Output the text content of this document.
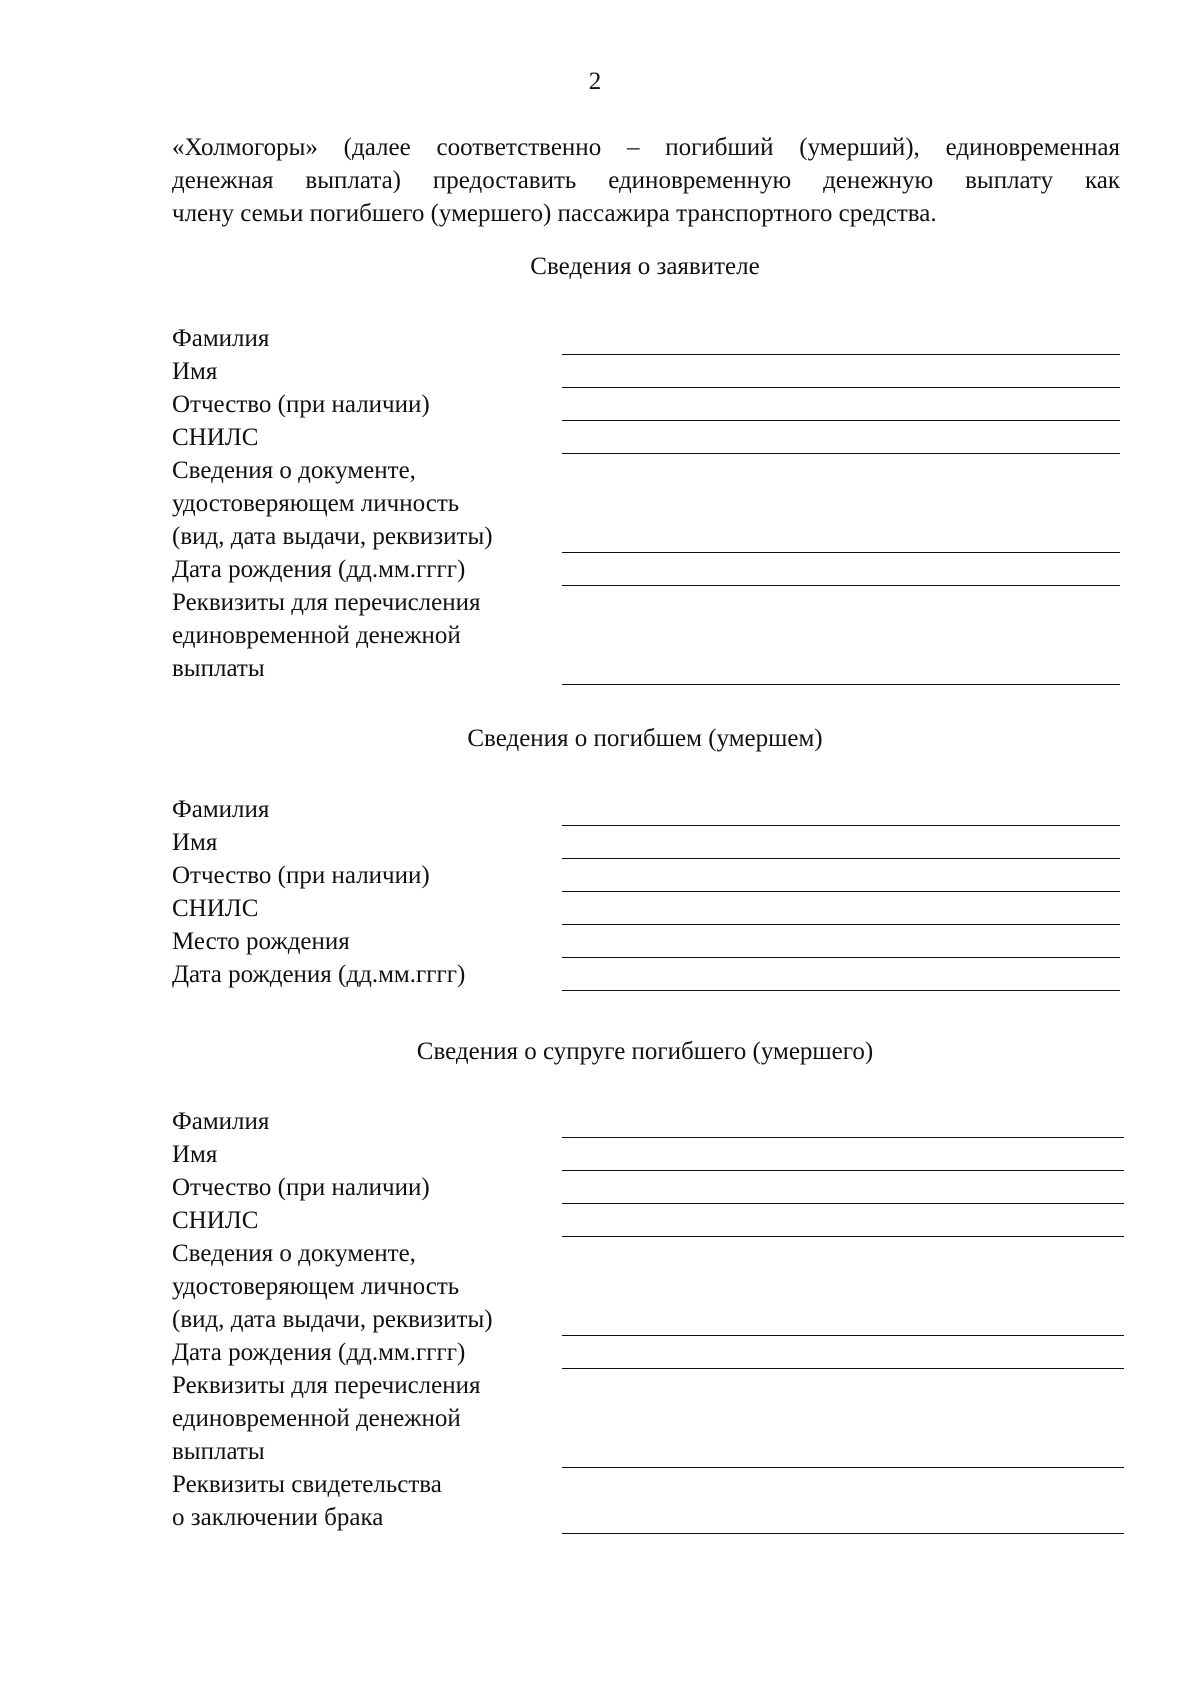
2
«Холмогоры» (далее соответственно – погибший (умерший), единовременная
денежная выплата) предоставить единовременную денежную выплату как
члену семьи погибшего (умершего) пассажира транспортного средства.
Сведения о заявителе
Фамилия
Имя
Отчество (при наличии)
СНИЛС
Сведения о документе,
удостоверяющем личность
(вид, дата выдачи, реквизиты)
Дата рождения (дд.мм.гггг)
Реквизиты для перечисления
единовременной денежной
выплаты
Сведения о погибшем (умершем)
Фамилия
Имя
Отчество (при наличии)
СНИЛС
Место рождения
Дата рождения (дд.мм.гггг)
Сведения о супруге погибшего (умершего)
Фамилия
Имя
Отчество (при наличии)
СНИЛС
Сведения о документе,
удостоверяющем личность
(вид, дата выдачи, реквизиты)
Дата рождения (дд.мм.гггг)
Реквизиты для перечисления
единовременной денежной
выплаты
Реквизиты свидетельства
о заключении брака
